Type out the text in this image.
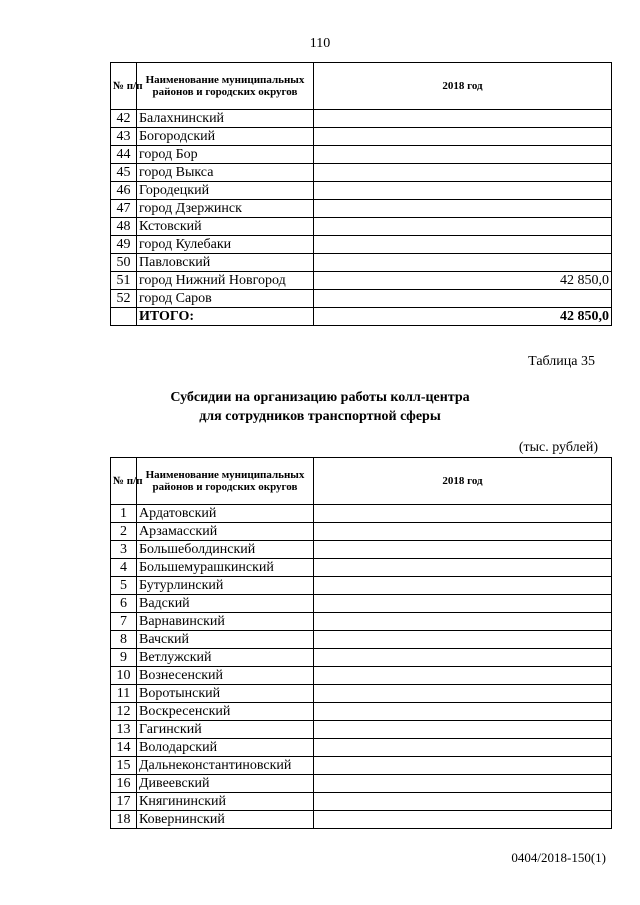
110
№ п/п	Наименование муниципальных районов и городских округов	2018 год
42	Балахнинский	
43	Богородский	
44	город Бор	
45	город Выкса	
46	Городецкий	
47	город Дзержинск	
48	Кстовский	
49	город Кулебаки	
50	Павловский	
51	город Нижний Новгород	42 850,0
52	город Саров	
	ИТОГО:	42 850,0
Таблица 35
Субсидии на организацию работы колл-центра
для сотрудников транспортной сферы
(тыс. рублей)
№ п/п	Наименование муниципальных районов и городских округов	2018 год
1	Ардатовский	
2	Арзамасский	
3	Большеболдинский	
4	Большемурашкинский	
5	Бутурлинский	
6	Вадский	
7	Варнавинский	
8	Вачский	
9	Ветлужский	
10	Вознесенский	
11	Воротынский	
12	Воскресенский	
13	Гагинский	
14	Володарский	
15	Дальнеконстантиновский	
16	Дивеевский	
17	Княгининский	
18	Ковернинский	
0404/2018-150(1)
